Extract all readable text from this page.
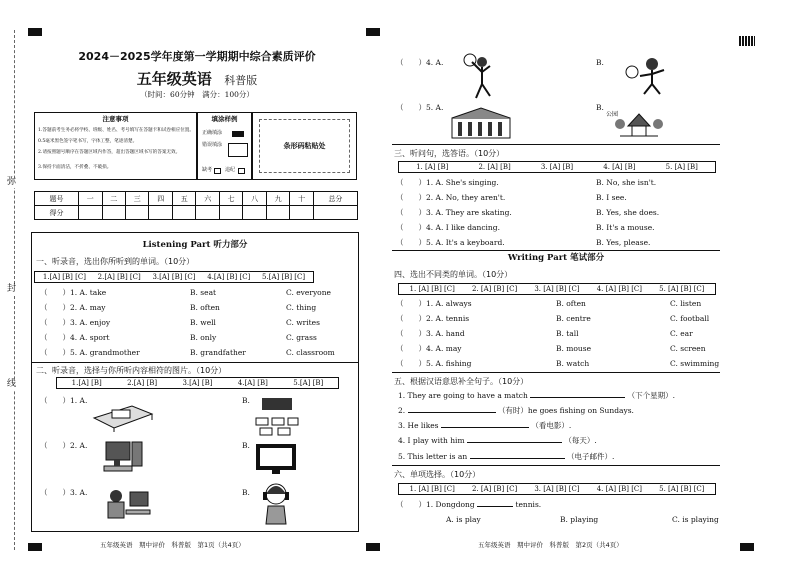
弥
封
线
2024－2025学年度第一学期期中综合素质评价
五年级英语 科普版
（时间：60分钟　满分：100分）
注意事项
1.答题前考生务必将学校、班级、姓名、考号填写在答题卡和试卷相应位置。
0.5毫米黑色签字笔书写，字体工整，笔迹清楚。
2.请按照题号顺序在答题区域内作答，超出答题区域书写的答案无效。
3.保持卡面清洁，不折叠、不破损。
填涂样例
正确填涂
错误填涂
缺考	违纪
条形码粘贴处
题号	一	二	三	四	五	六	七	八	九	十	总分
得分											
Listening Part 听力部分
一、听录音，选出你所听到的单词。（10分）
1.[A] [B] [C] 2.[A] [B] [C] 3.[A] [B] [C] 4.[A] [B] [C] 5.[A] [B] [C]
（　　）1. A. take	B. seat	C. everyone
（　　）2. A. may	B. often	C. thing
（　　）3. A. enjoy	B. well	C. writes
（　　）4. A. sport	B. only	C. grass
（　　）5. A. grandmother	B. grandfather	C. classroom
二、听录音，选择与你所听内容相符的图片。（10分）
1.[A] [B]	2.[A] [B]	3.[A] [B]	4.[A] [B]	5.[A] [B]
（　　）1. A.	B.
（　　）2. A.	B.
（　　）3. A.	B.
（　　）4. A.	B.
（　　）5. A.	B.
公园
三、听问句，选答语。（10分）
1. [A] [B]	2. [A] [B]	3. [A] [B]	4. [A] [B]	5. [A] [B]
（　　）1. A. She's singing.	B. No, she isn't.
（　　）2. A. No, they aren't.	B. I see.
（　　）3. A. They are skating.	B. Yes, she does.
（　　）4. A. I like dancing.	B. It's a mouse.
（　　）5. A. It's a keyboard.	B. Yes, please.
Writing Part 笔试部分
四、选出不同类的单词。（10分）
1. [A] [B] [C] 2. [A] [B] [C] 3. [A] [B] [C] 4. [A] [B] [C] 5. [A] [B] [C]
（　　）1. A. always	B. often	C. listen
（　　）2. A. tennis	B. centre	C. football
（　　）3. A. hand	B. tall	C. ear
（　　）4. A. may	B. mouse	C. screen
（　　）5. A. fishing	B. watch	C. swimming
五、根据汉语意思补全句子。（10分）
1. They are going to have a match	（下个星期）.
2.	（有时）he goes fishing on Sundays.
3. He likes	（看电影）.
4. I play with him	（每天）.
5. This letter is an	（电子邮件）.
六、单项选择。（10分）
1. [A] [B] [C] 2. [A] [B] [C] 3. [A] [B] [C] 4. [A] [B] [C] 5. [A] [B] [C]
（　　）1. Dongdong	tennis.
A. is play	B. playing	C. is playing
五年级英语　期中评价　科普版　第1页（共4页）	五年级英语　期中评价　科普版　第2页（共4页）
